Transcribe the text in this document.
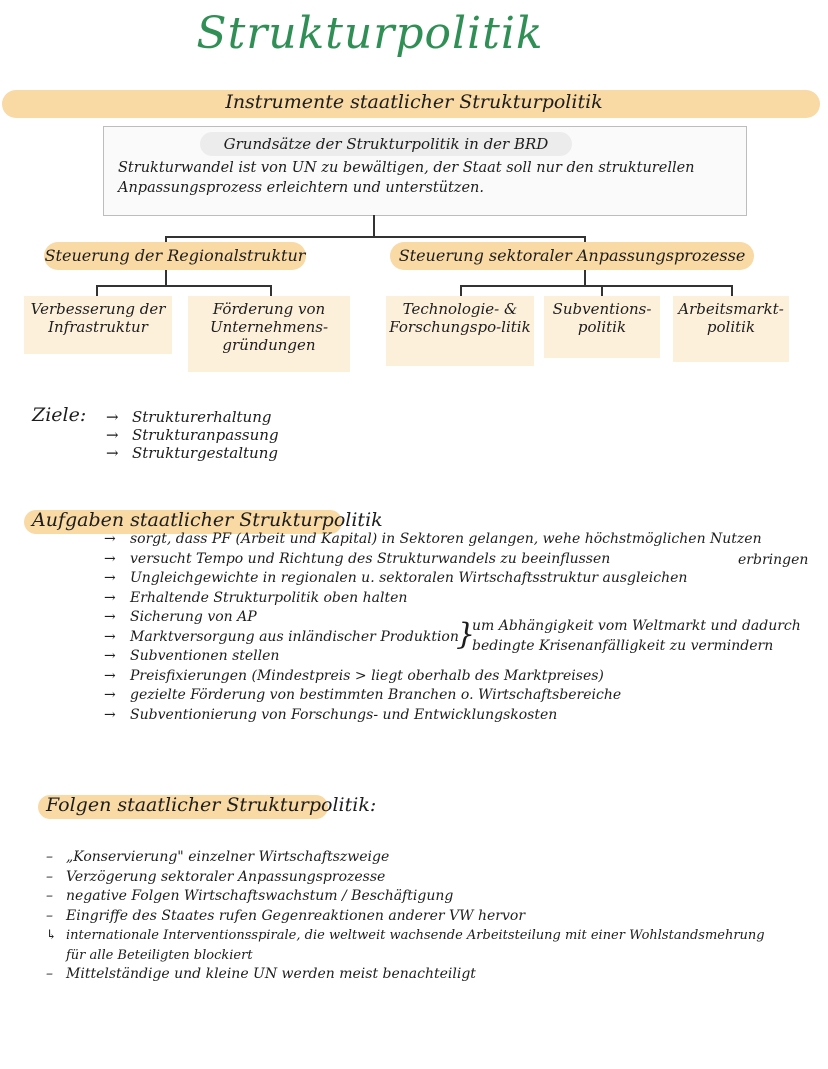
Strukturpolitik
Instrumente staatlicher Strukturpolitik
Grundsätze der Strukturpolitik in der BRD
Strukturwandel ist von UN zu bewältigen, der Staat soll nur den strukturellen
Anpassungsprozess erleichtern und unterstützen.
Steuerung der Regionalstruktur	Steuerung sektoraler Anpassungsprozesse
Verbesserung der Infrastruktur
Förderung von Unternehmens-gründungen
Technologie- & Forschungspo-litik
Subventions-politik
Arbeitsmarkt-politik
Ziele: → Strukturerhaltung
→ Strukturanpassung
→ Strukturgestaltung
Aufgaben staatlicher Strukturpolitik
→ sorgt, dass PF (Arbeit und Kapital) in Sektoren gelangen, wehe höchstmöglichen Nutzen
→ versucht Tempo und Richtung des Strukturwandels zu beeinflussen
→ Ungleichgewichte in regionalen u. sektoralen Wirtschaftsstruktur ausgleichen
→ Erhaltende Strukturpolitik oben halten
→ Sicherung von AP
→ Marktversorgung aus inländischer Produktion
→ Subventionen stellen
→ Preisfixierungen (Mindestpreis > liegt oberhalb des Marktpreises)
→ gezielte Förderung von bestimmten Branchen o. Wirtschaftsbereiche
→ Subventionierung von Forschungs- und Entwicklungskosten
erbringen
}
um Abhängigkeit vom Weltmarkt und dadurch
bedingte Krisenanfälligkeit zu vermindern
Folgen staatlicher Strukturpolitik:
– „Konservierung" einzelner Wirtschaftszweige
– Verzögerung sektoraler Anpassungsprozesse
– negative Folgen Wirtschaftswachstum / Beschäftigung
– Eingriffe des Staates rufen Gegenreaktionen anderer VW hervor
↳ internationale Interventionsspirale, die weltweit wachsende Arbeitsteilung mit einer Wohlstandsmehrung
für alle Beteiligten blockiert
– Mittelständige und kleine UN werden meist benachteiligt
